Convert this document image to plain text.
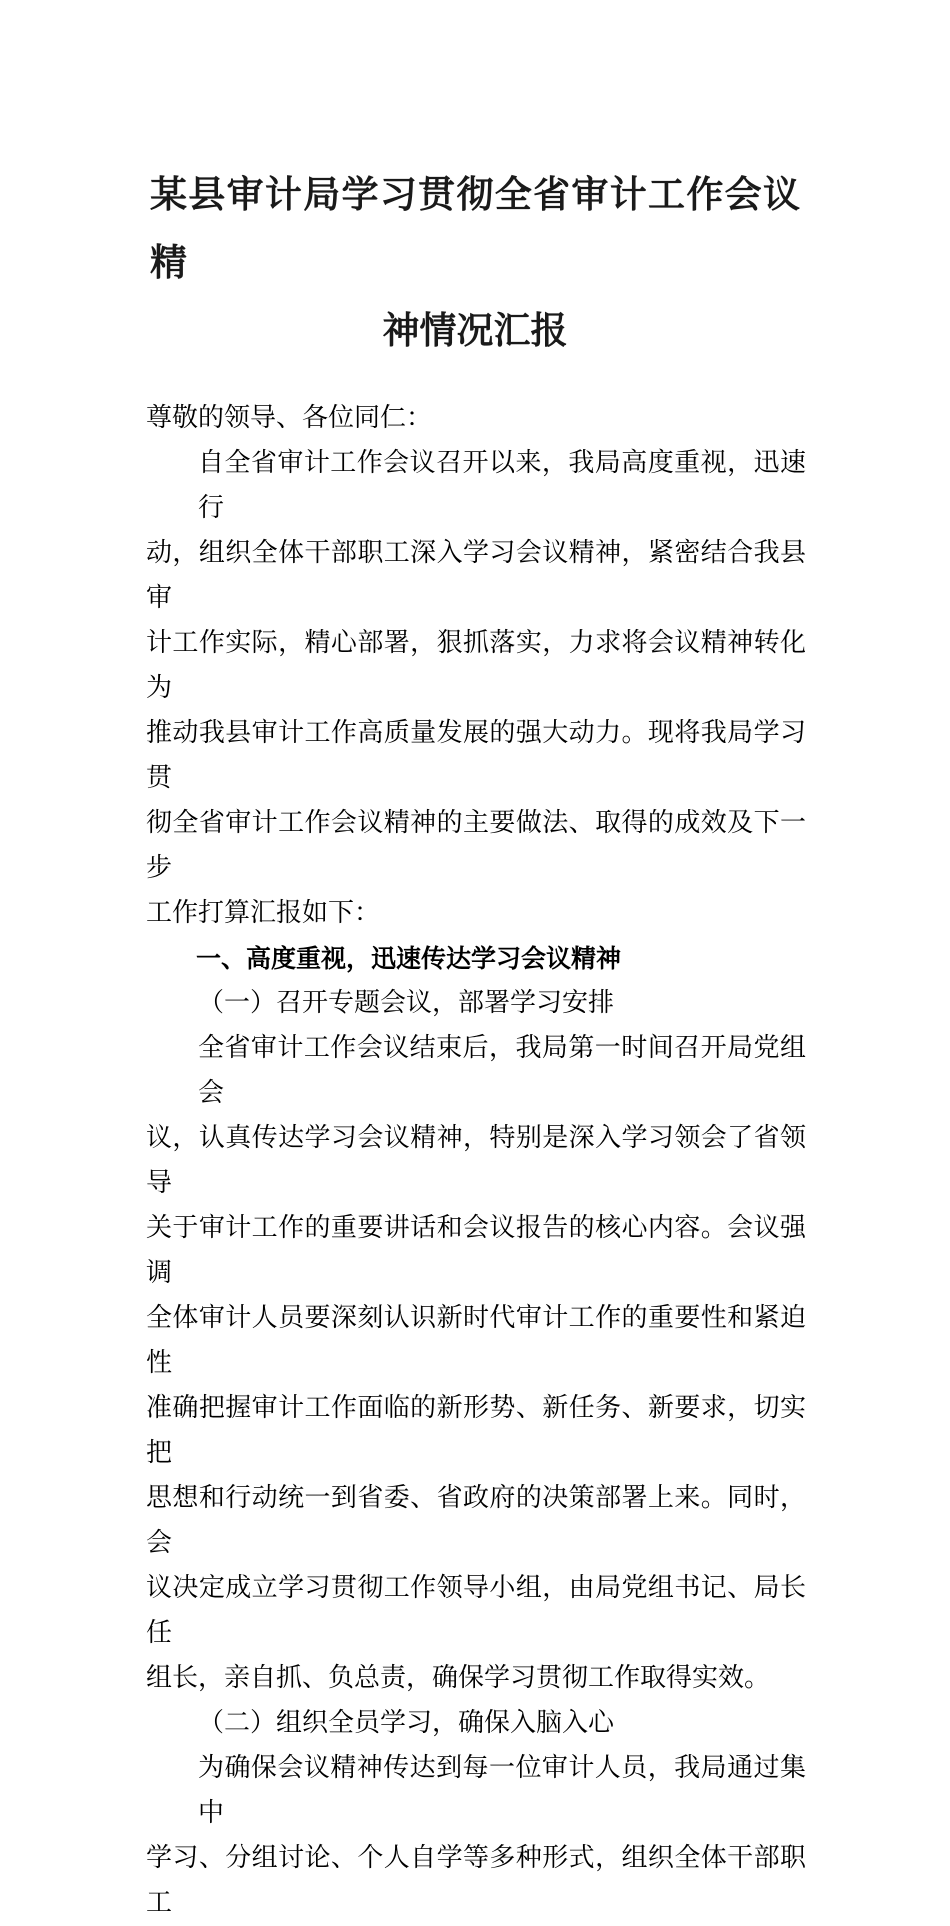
某县审计局学习贯彻全省审计工作会议精
神情况汇报
尊敬的领导、各位同仁：
自全省审计工作会议召开以来，我局高度重视，迅速行
动，组织全体干部职工深入学习会议精神，紧密结合我县审
计工作实际，精心部署，狠抓落实，力求将会议精神转化为
推动我县审计工作高质量发展的强大动力。现将我局学习贯
彻全省审计工作会议精神的主要做法、取得的成效及下一步
工作打算汇报如下：
一、高度重视，迅速传达学习会议精神
（一）召开专题会议，部署学习安排
全省审计工作会议结束后，我局第一时间召开局党组会
议，认真传达学习会议精神，特别是深入学习领会了省领导
关于审计工作的重要讲话和会议报告的核心内容。会议强调
全体审计人员要深刻认识新时代审计工作的重要性和紧迫性
准确把握审计工作面临的新形势、新任务、新要求，切实把
思想和行动统一到省委、省政府的决策部署上来。同时，会
议决定成立学习贯彻工作领导小组，由局党组书记、局长任
组长，亲自抓、负总责，确保学习贯彻工作取得实效。
（二）组织全员学习，确保入脑入心
为确保会议精神传达到每一位审计人员，我局通过集中
学习、分组讨论、个人自学等多种形式，组织全体干部职工
